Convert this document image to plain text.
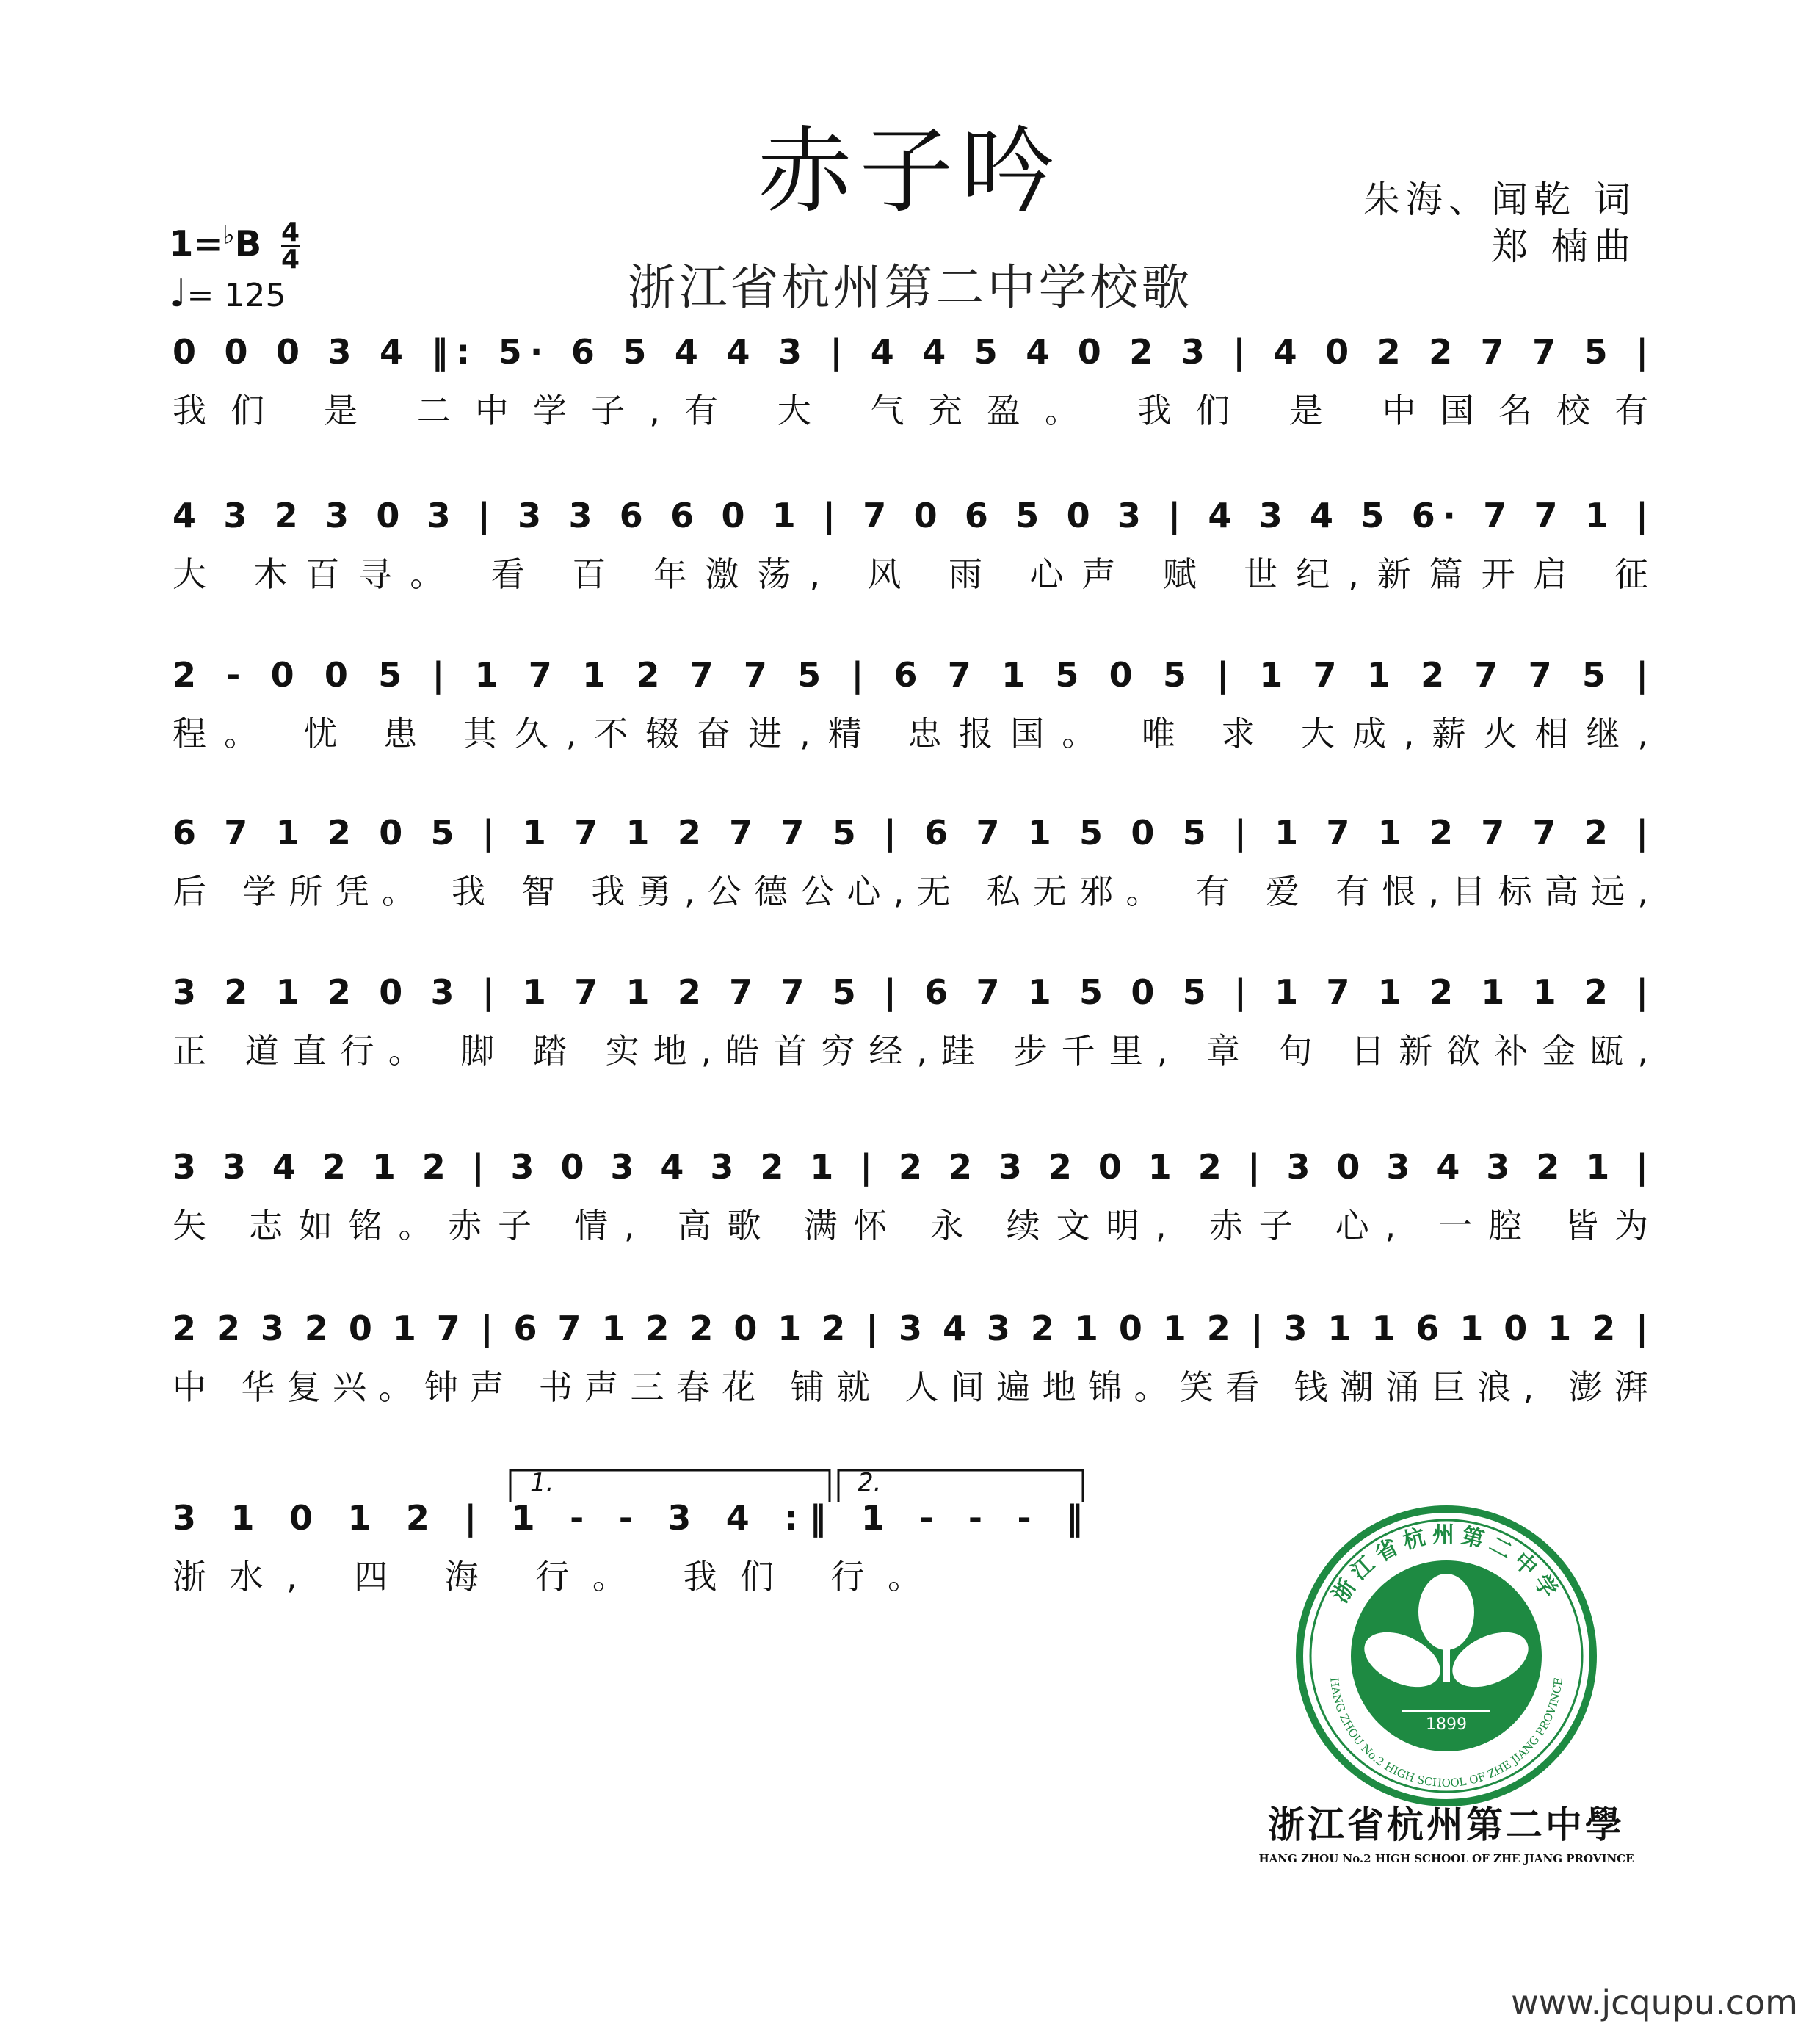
赤子吟
浙江省杭州第二中学校歌
朱海、闻乾 词
郑 楠曲
$1=^♭B \frac{4}{4}$
♩= 125
0 0 0 3 4 ‖: 5· 6 5 4 4 3 | 4 4 5 4 0 2 3 | 4 0 2 2 7 7 5 |
我们 是 二中学子,有 大 气充盈。 我们 是 中国名校有
4 3 2 3 0 3 | 3 3 6 6 0 1 | 7 0 6 5 0 3 | 4 3 4 5 6· 7 7 1 |
大 木百寻。 看 百 年激荡, 风 雨 心声 赋 世纪,新篇开启 征
2 - 0 0 5 | 1 7 1 2 7 7 5 | 6 7 1 5 0 5 | 1 7 1 2 7 7 5 |
程。 忧 患 其久,不辍奋进,精 忠报国。 唯 求 大成,薪火相继,
6 7 1 2 0 5 | 1 7 1 2 7 7 5 | 6 7 1 5 0 5 | 1 7 1 2 7 7 2 |
后 学所凭。 我 智 我勇,公德公心,无 私无邪。 有 爱 有恨,目标高远,
3 2 1 2 0 3 | 1 7 1 2 7 7 5 | 6 7 1 5 0 5 | 1 7 1 2 1 1 2 |
正 道直行。 脚 踏 实地,皓首穷经,跬 步千里, 章 句 日新欲补金瓯,
3 3 4 2 1 2 | 3 0 3 4 3 2 1 | 2 2 3 2 0 1 2 | 3 0 3 4 3 2 1 |
矢 志如铭。赤子 情, 高歌 满怀 永 续文明, 赤子 心, 一腔 皆为
2 2 3 2 0 1 7 | 6 7 1 2 2 0 1 2 | 3 4 3 2 1 0 1 2 | 3 1 1 6 1 0 1 2 |
中 华复兴。钟声 书声三春花 铺就 人间遍地锦。笑看 钱潮涌巨浪, 澎湃
3 1 0 1 2 | 1 - - 3 4 :‖ 1 - - - ‖
浙水, 四 海 行。 我们 行。
1.	2.
浙江省杭州第二中学
HANG ZHOU No.2 HIGH SCHOOL OF ZHE JIANG PROVINCE
1899
浙江省杭州第二中學
HANG ZHOU No.2 HIGH SCHOOL OF ZHE JIANG PROVINCE
www.jcqupu.com
